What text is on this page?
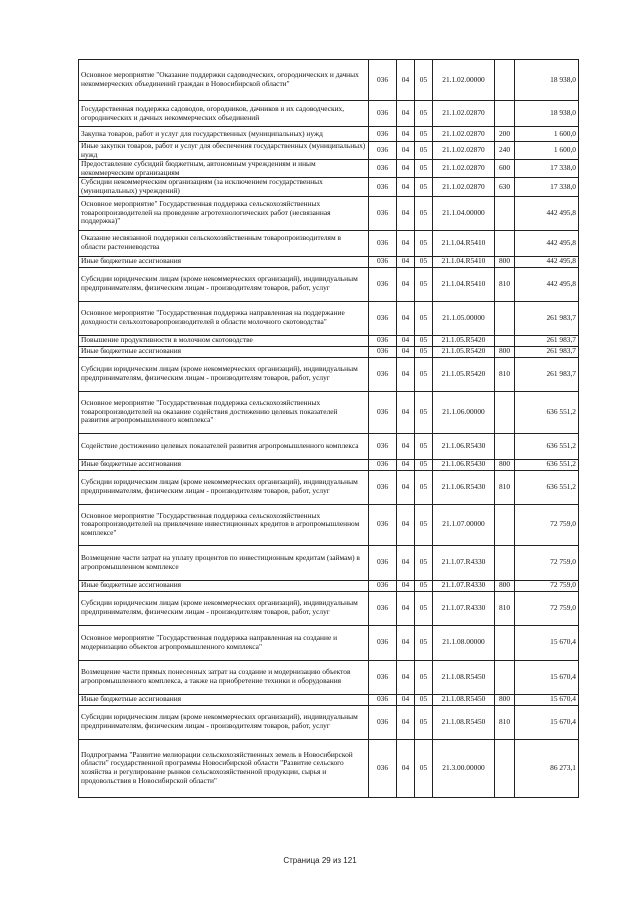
Основное мероприятие "Оказание поддержки садоводческих, огороднических и дачных некоммерческих объединений граждан в Новосибирской области"	036	04	05	21.1.02.00000		18 938,0
Государственная поддержка садоводов, огородников, дачников и их садоводческих, огороднических и дачных некоммерческих объединений	036	04	05	21.1.02.02870		18 938,0
Закупка товаров, работ и услуг для государственных (муниципальных) нужд	036	04	05	21.1.02.02870	200	1 600,0
Иные закупки товаров, работ и услуг для обеспечения государственных (муниципальных) нужд	036	04	05	21.1.02.02870	240	1 600,0
Предоставление субсидий бюджетным, автономным учреждениям и иным некоммерческим организациям	036	04	05	21.1.02.02870	600	17 338,0
Субсидии некоммерческим организациям (за исключением государственных (муниципальных) учреждений)	036	04	05	21.1.02.02870	630	17 338,0
Основное мероприятие" Государственная поддержка сельскохозяйственных товаропроизводителей на проведение агротехнологических работ (несвязанная поддержка)"	036	04	05	21.1.04.00000		442 495,8
Оказание несвязанной поддержки сельскохозяйственным товаропроизводителям в области растениеводства	036	04	05	21.1.04.R5410		442 495,8
Иные бюджетные ассигнования	036	04	05	21.1.04.R5410	800	442 495,8
Субсидии юридическим лицам (кроме некоммерческих организаций), индивидуальным предпринимателям, физическим лицам - производителям товаров, работ, услуг	036	04	05	21.1.04.R5410	810	442 495,8
Основное мероприятие "Государственная поддержка направленная на поддержание доходности сельхозтоваропроизводителей в области молочного скотоводства"	036	04	05	21.1.05.00000		261 983,7
Повышение продуктивности в молочном скотоводстве	036	04	05	21.1.05.R5420		261 983,7
Иные бюджетные ассигнования	036	04	05	21.1.05.R5420	800	261 983,7
Субсидии юридическим лицам (кроме некоммерческих организаций), индивидуальным предпринимателям, физическим лицам - производителям товаров, работ, услуг	036	04	05	21.1.05.R5420	810	261 983,7
Основное мероприятие "Государственная поддержка сельскохозяйственных товаропроизводителей на оказание содействия достижению целевых показателей развития агропромышленного комплекса"	036	04	05	21.1.06.00000		636 551,2
Содействие достижению целевых показателей развития агропромышленного комплекса	036	04	05	21.1.06.R5430		636 551,2
Иные бюджетные ассигнования	036	04	05	21.1.06.R5430	800	636 551,2
Субсидии юридическим лицам (кроме некоммерческих организаций), индивидуальным предпринимателям, физическим лицам - производителям товаров, работ, услуг	036	04	05	21.1.06.R5430	810	636 551,2
Основное мероприятие "Государственная поддержка сельскохозяйственных товаропроизводителей на привлечение инвестиционных кредитов в агропромышленном комплексе"	036	04	05	21.1.07.00000		72 759,0
Возмещение части затрат на уплату процентов по инвестиционным кредитам (займам) в агропромышленном комплексе	036	04	05	21.1.07.R4330		72 759,0
Иные бюджетные ассигнования	036	04	05	21.1.07.R4330	800	72 759,0
Субсидии юридическим лицам (кроме некоммерческих организаций), индивидуальным предпринимателям, физическим лицам - производителям товаров, работ, услуг	036	04	05	21.1.07.R4330	810	72 759,0
Основное мероприятие "Государственная поддержка направленная на создание и модернизацию объектов агропромышленного комплекса"	036	04	05	21.1.08.00000		15 670,4
Возмещение части прямых понесенных затрат на создание и модернизацию объектов агропромышленного комплекса, а также на приобретение техники и оборудования	036	04	05	21.1.08.R5450		15 670,4
Иные бюджетные ассигнования	036	04	05	21.1.08.R5450	800	15 670,4
Субсидии юридическим лицам (кроме некоммерческих организаций), индивидуальным предпринимателям, физическим лицам - производителям товаров, работ, услуг	036	04	05	21.1.08.R5450	810	15 670,4
Подпрограмма "Развитие мелиорации сельскохозяйственных земель в Новосибирской области" государственной программы Новосибирской области "Развитие сельского хозяйства и регулирование рынков сельскохозяйственной продукции, сырья и продовольствия в Новосибирской области"	036	04	05	21.3.00.00000		86 273,1
Страница 29 из 121
